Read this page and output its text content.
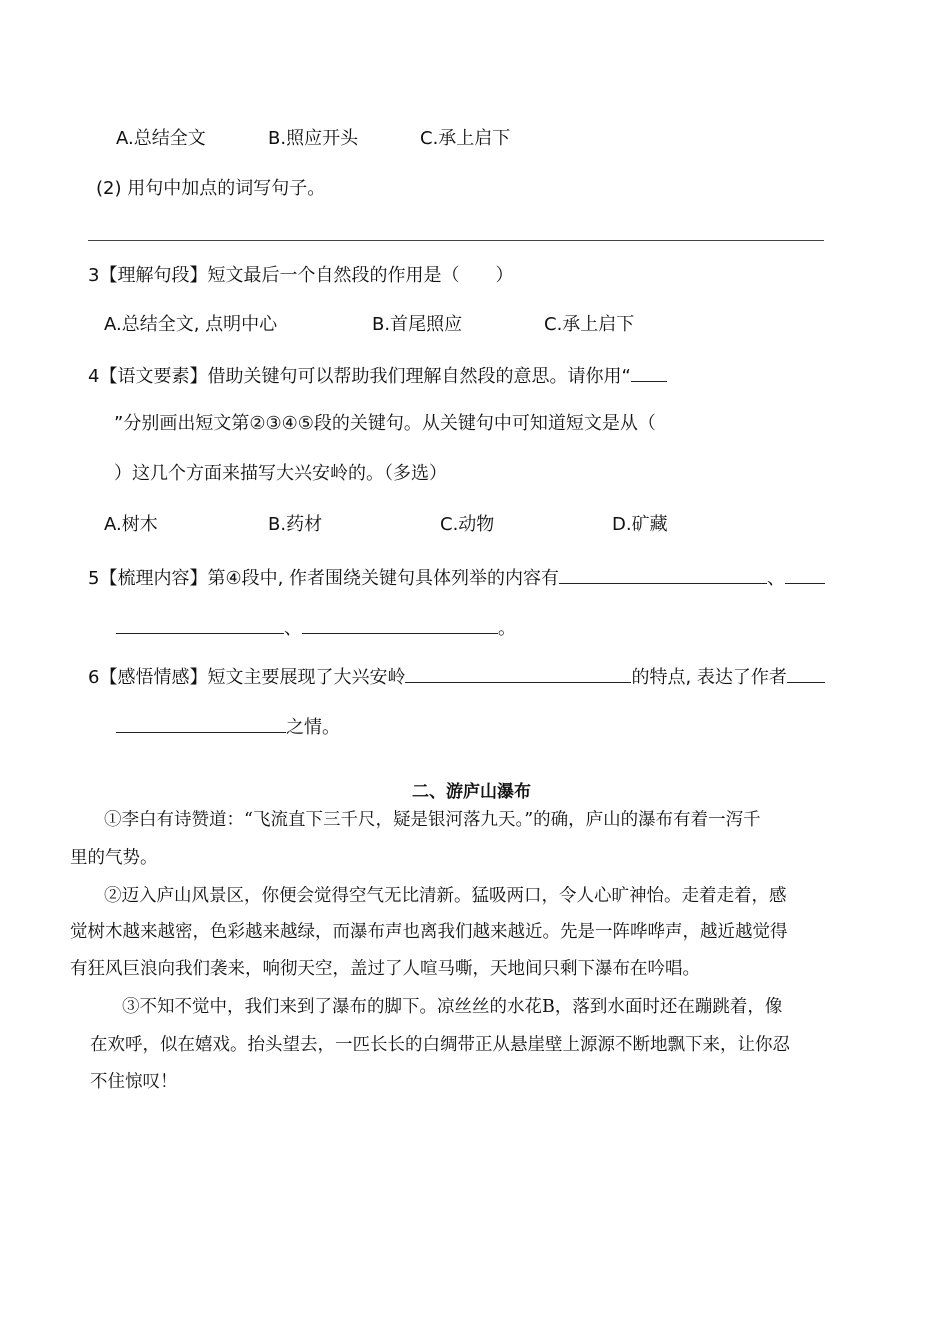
A.总结全文	B.照应开头	C.承上启下
(2) 用句中加点的词写句子。
3【理解句段】短文最后一个自然段的作用是（　　）
A.总结全文, 点明中心	B.首尾照应	C.承上启下
4【语文要素】借助关键句可以帮助我们理解自然段的意思。请你用“
”分别画出短文第②③④⑤段的关键句。从关键句中可知道短文是从（
）这几个方面来描写大兴安岭的。（多选）
A.树木	B.药材	C.动物	D.矿藏
5【梳理内容】第④段中, 作者围绕关键句具体列举的内容有	、
、	。
6【感悟情感】短文主要展现了大兴安岭	的特点, 表达了作者
之情。
二、游庐山瀑布
①李白有诗赞道：“飞流直下三千尺，疑是银河落九天。”的确，庐山的瀑布有着一泻千
里的气势。
②迈入庐山风景区，你便会觉得空气无比清新。猛吸两口，令人心旷神怡。走着走着，感
觉树木越来越密，色彩越来越绿，而瀑布声也离我们越来越近。先是一阵哗哗声，越近越觉得
有狂风巨浪向我们袭来，响彻天空，盖过了人喧马嘶，天地间只剩下瀑布在吟唱。
③不知不觉中，我们来到了瀑布的脚下。凉丝丝的水花B，落到水面时还在蹦跳着，像
在欢呼，似在嬉戏。抬头望去，一匹长长的白绸带正从悬崖壁上源源不断地飘下来，让你忍
不住惊叹！
